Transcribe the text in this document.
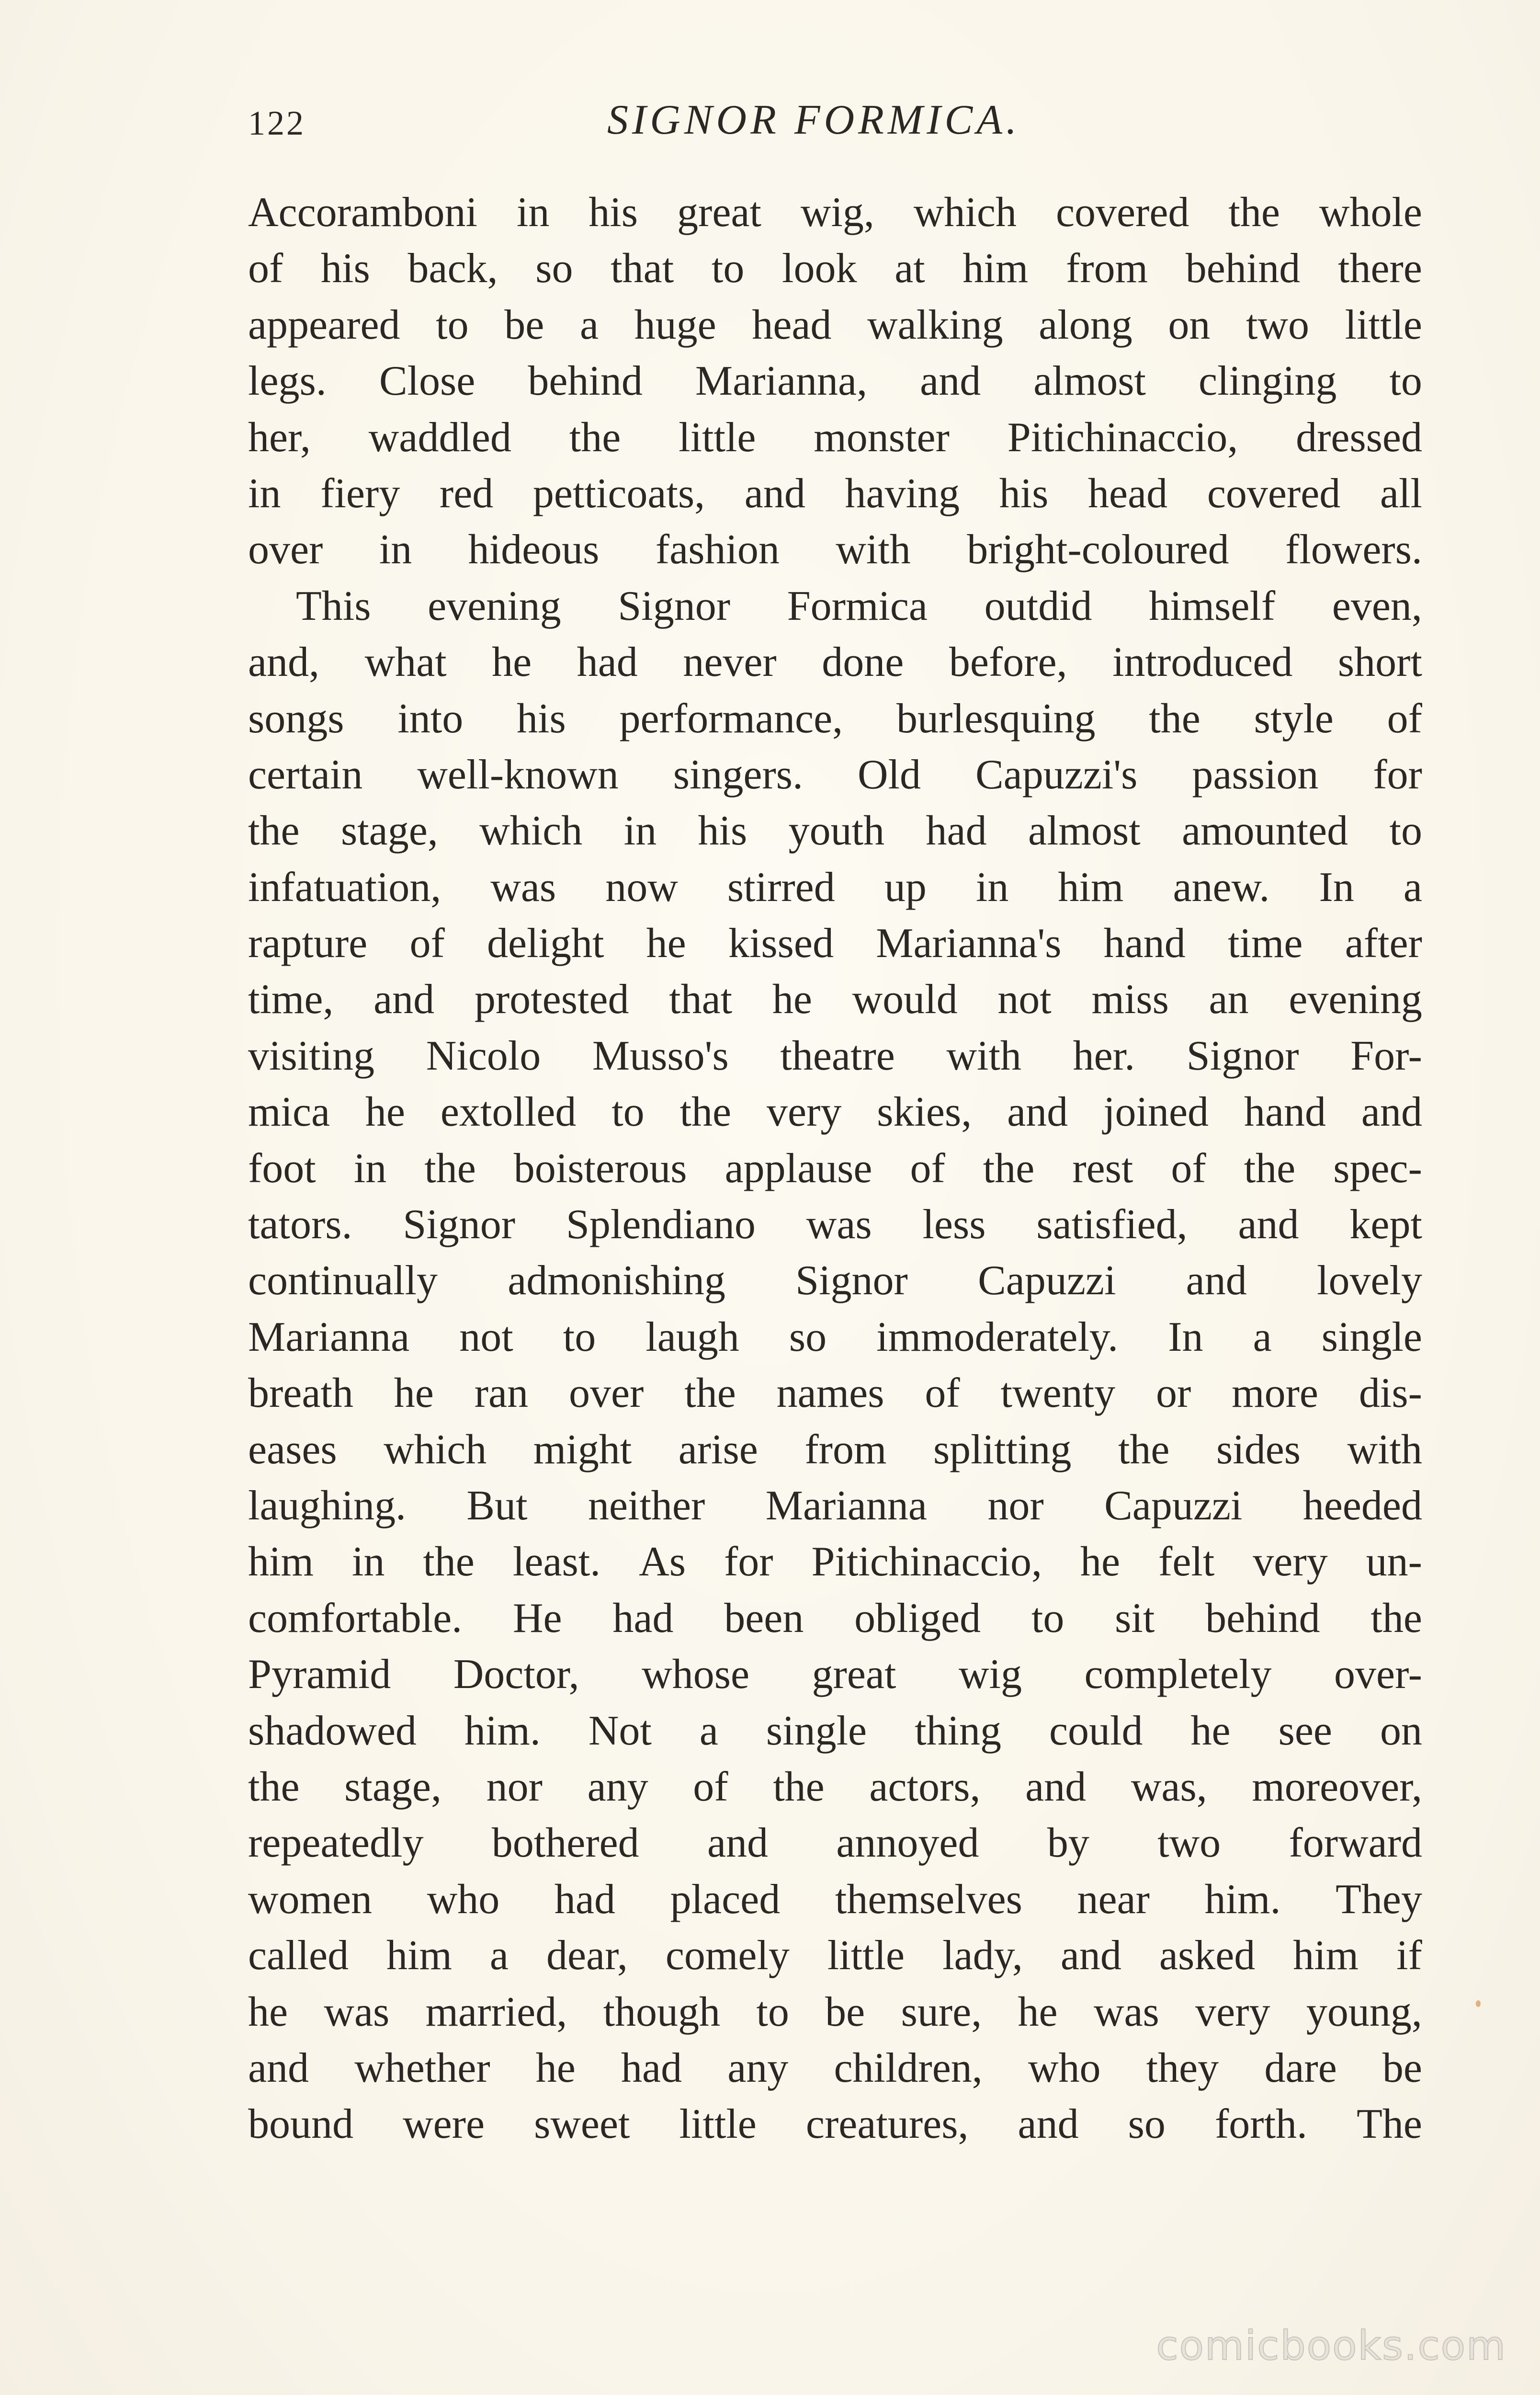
122	SIGNOR FORMICA.
Accoramboni in his great wig, which covered the whole
of his back, so that to look at him from behind there
appeared to be a huge head walking along on two little
legs. Close behind Marianna, and almost clinging to
her, waddled the little monster Pitichinaccio, dressed
in fiery red petticoats, and having his head covered all
over in hideous fashion with bright-coloured flowers.
This evening Signor Formica outdid himself even,
and, what he had never done before, introduced short
songs into his performance, burlesquing the style of
certain well-known singers. Old Capuzzi's passion for
the stage, which in his youth had almost amounted to
infatuation, was now stirred up in him anew. In a
rapture of delight he kissed Marianna's hand time after
time, and protested that he would not miss an evening
visiting Nicolo Musso's theatre with her. Signor For-
mica he extolled to the very skies, and joined hand and
foot in the boisterous applause of the rest of the spec-
tators. Signor Splendiano was less satisfied, and kept
continually admonishing Signor Capuzzi and lovely
Marianna not to laugh so immoderately. In a single
breath he ran over the names of twenty or more dis-
eases which might arise from splitting the sides with
laughing. But neither Marianna nor Capuzzi heeded
him in the least. As for Pitichinaccio, he felt very un-
comfortable. He had been obliged to sit behind the
Pyramid Doctor, whose great wig completely over-
shadowed him. Not a single thing could he see on
the stage, nor any of the actors, and was, moreover,
repeatedly bothered and annoyed by two forward
women who had placed themselves near him. They
called him a dear, comely little lady, and asked him if
he was married, though to be sure, he was very young,
and whether he had any children, who they dare be
bound were sweet little creatures, and so forth. The
comicbooks.com
